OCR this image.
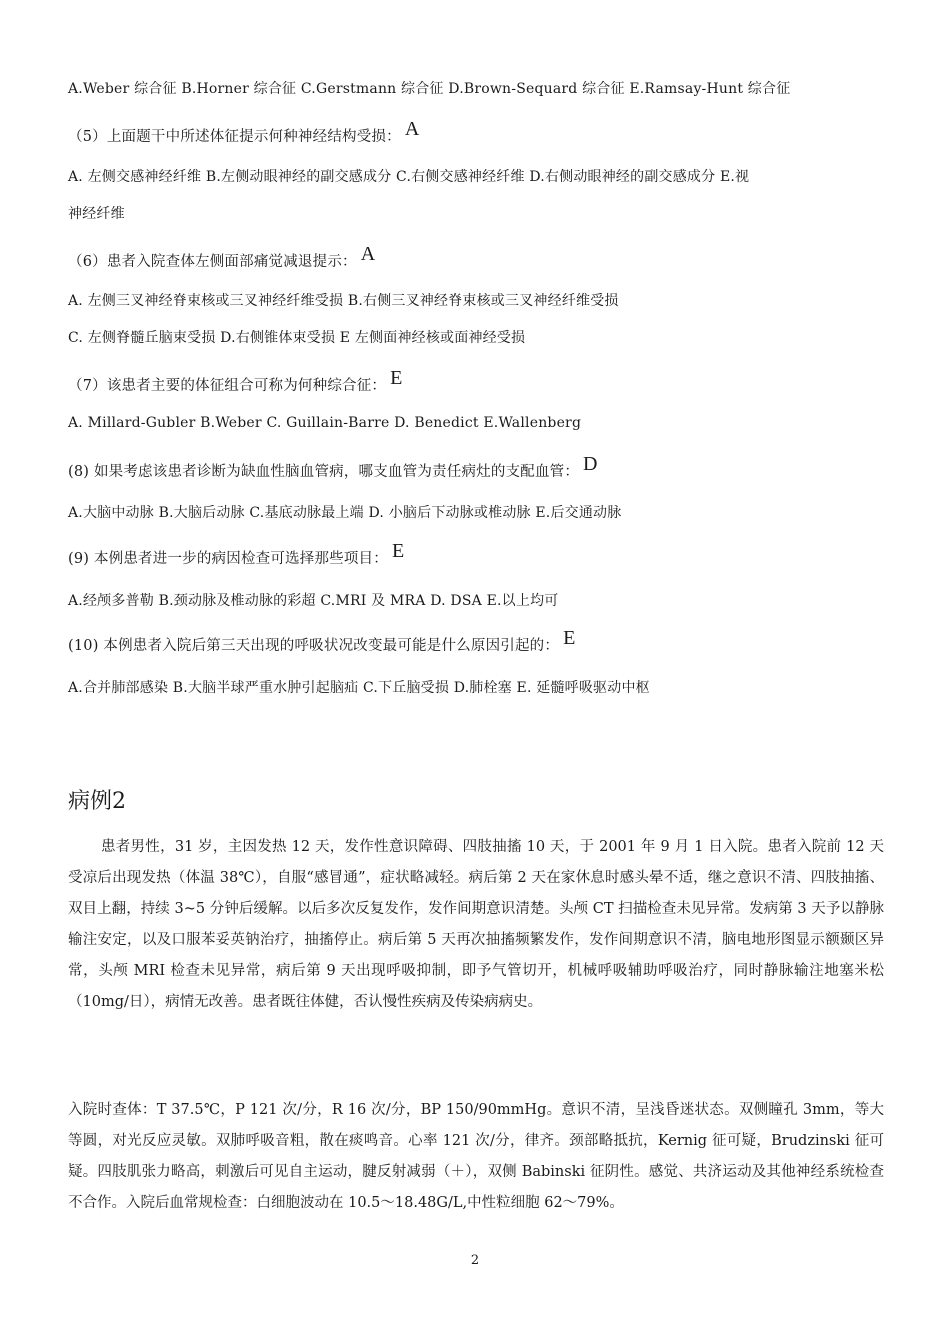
A.Weber 综合征 B.Horner 综合征 C.Gerstmann 综合征 D.Brown-Sequard 综合征 E.Ramsay-Hunt 综合征
（5）上面题干中所述体征提示何种神经结构受损： A
A. 左侧交感神经纤维 B.左侧动眼神经的副交感成分 C.右侧交感神经纤维 D.右侧动眼神经的副交感成分 E.视
神经纤维
（6）患者入院查体左侧面部痛觉减退提示： A
A. 左侧三叉神经脊束核或三叉神经纤维受损 B.右侧三叉神经脊束核或三叉神经纤维受损
C. 左侧脊髓丘脑束受损 D.右侧锥体束受损 E 左侧面神经核或面神经受损
（7）该患者主要的体征组合可称为何种综合征： E
A. Millard-Gubler B.Weber C. Guillain-Barre D. Benedict E.Wallenberg
(8) 如果考虑该患者诊断为缺血性脑血管病，哪支血管为责任病灶的支配血管： D
A.大脑中动脉 B.大脑后动脉 C.基底动脉最上端 D. 小脑后下动脉或椎动脉 E.后交通动脉
(9) 本例患者进一步的病因检查可选择那些项目： E
A.经颅多普勒 B.颈动脉及椎动脉的彩超 C.MRI 及 MRA D. DSA E.以上均可
(10) 本例患者入院后第三天出现的呼吸状况改变最可能是什么原因引起的： E
A.合并肺部感染 B.大脑半球严重水肿引起脑疝 C.下丘脑受损 D.肺栓塞 E. 延髓呼吸驱动中枢
病例2

患者男性，31 岁，主因发热 12 天，发作性意识障碍、四肢抽搐 10 天，于 2001 年 9 月 1 日入院。患者入院前 12 天受凉后出现发热（体温 38℃），自服“感冒通”，症状略减轻。病后第 2 天在家休息时感头晕不适，继之意识不清、四肢抽搐、双目上翻，持续 3~5 分钟后缓解。以后多次反复发作，发作间期意识清楚。头颅 CT 扫描检查未见异常。发病第 3 天予以静脉输注安定，以及口服苯妥英钠治疗，抽搐停止。病后第 5 天再次抽搐频繁发作，发作间期意识不清，脑电地形图显示额颞区异常，头颅 MRI 检查未见异常，病后第 9 天出现呼吸抑制，即予气管切开，机械呼吸辅助呼吸治疗，同时静脉输注地塞米松（10mg/日），病情无改善。患者既往体健，否认慢性疾病及传染病病史。

入院时查体：T 37.5℃，P 121 次/分，R 16 次/分，BP 150/90mmHg。意识不清，呈浅昏迷状态。双侧瞳孔 3mm，等大等圆，对光反应灵敏。双肺呼吸音粗，散在痰鸣音。心率 121 次/分，律齐。颈部略抵抗，Kernig 征可疑，Brudzinski 征可疑。四肢肌张力略高，刺激后可见自主运动，腱反射减弱（＋），双侧 Babinski 征阴性。感觉、共济运动及其他神经系统检查不合作。入院后血常规检查：白细胞波动在 10.5～18.48G/L,中性粒细胞 62～79%。

2
